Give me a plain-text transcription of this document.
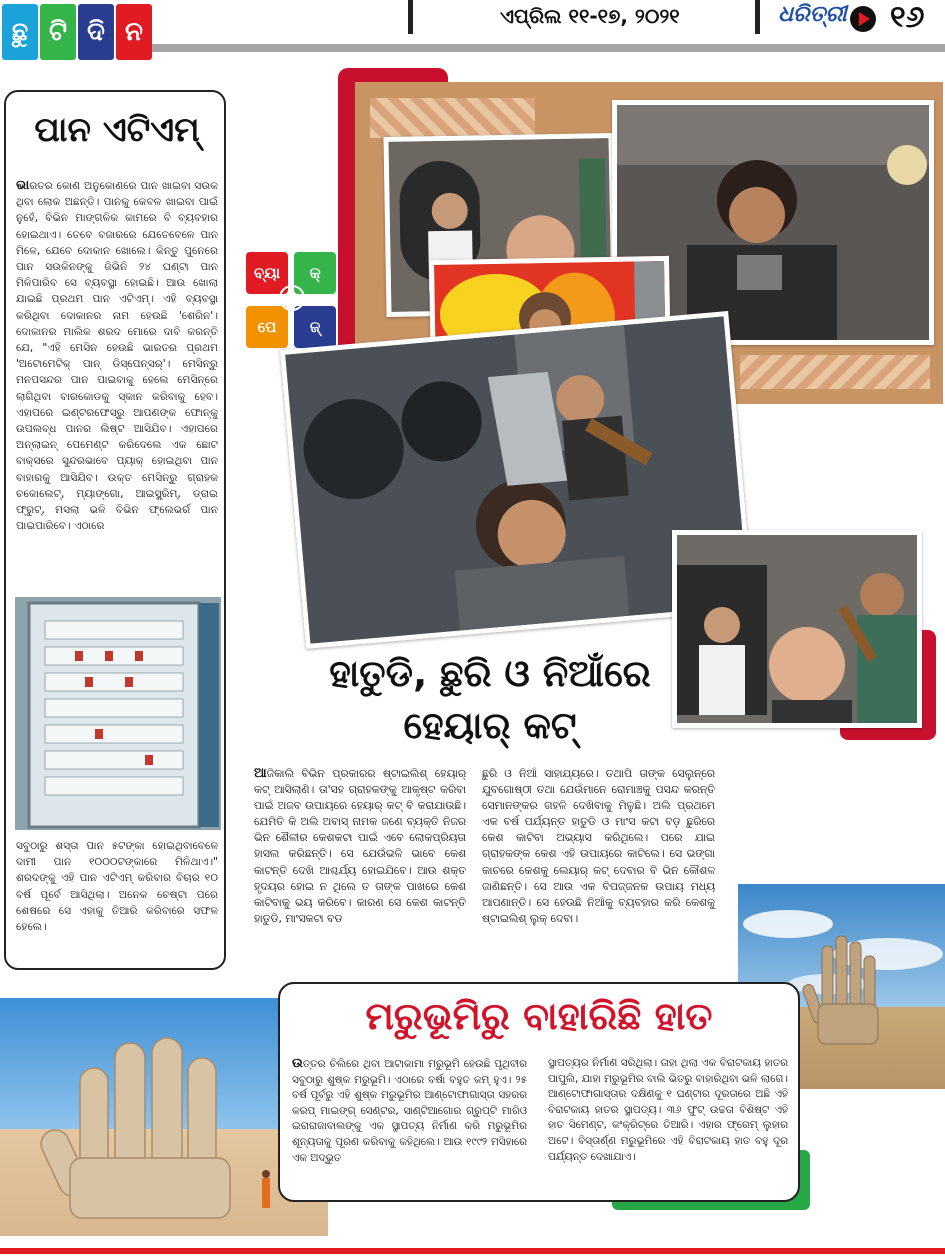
ଛୁ ଟି ଦି ନ
ଏପ୍ରିଲ ୧୧-୧୭, ୨୦୨୧	ଧରିତ୍ରୀ ୧୬
ପାନ ଏଟିଏମ୍
ଭାରତର କୋଣ ଅନୁକୋଣରେ ପାନ ଖାଇବା ସଉକ ଥିବା ଲୋକ ଅଛନ୍ତି। ପାନକୁ କେବଳ ଖାଇବା ପାଇଁ ନୁହେଁ, ବିଭିନ ମାଙ୍ଗଳିକ କାମରେ ବି ବ୍ୟବହାର ହୋଇଥାଏ। ତେବେ ବଜାରରେ ଯେତେବେଳେ ପାନ ମିଳେ, ଯେବେ ଦୋକାନ ଖୋଲେ। କିନ୍ତୁ ପୁନେରେ ପାନ ସଉକିନଙ୍କୁ ଜିଭିନି ୨୪ ଘଣ୍ଟା ପାନ ମିଳିପାରିବ ସେ ବ୍ୟବସ୍ଥା ହୋଇଛି। ଆଉ ଖୋଲା ଯାଇଛି ପ୍ରଥମ ପାନ ଏଟିଏମ୍। ଏହି ବ୍ୟବସ୍ଥା କରିଥିବା ଦୋକାନର ନାମ ହେଉଛି 'ଶେରିନ'। ଦୋକାନର ମାଲିକ ଶରଦ ମୋରେ ଦାବି କରନ୍ତି ଯେ, "ଏହି ମେସିନ ହେଉଛି ଭାରତର ପ୍ରଥମ 'ଅଟୋମେଟିକ୍ ପାନ୍ ଡିସ୍ପେନ୍ସର୍'। ମେସିନ୍ରୁ ମନପସନ୍ଦର ପାନ ପାଇବାକୁ ହେଲେ ମେସିନ୍ରେ ଲାଗିଥିବା ବାରକୋଡକୁ ସ୍କାନ କରିବାକୁ ହେବ। ଏହାପରେ ଇଣ୍ଟରଫେସ୍ରୁ ଆପଣଙ୍କ ଫୋନ୍କୁ ଉପଲବ୍ଧ ପାନର ଲିଷ୍ଟ ଆସିଯିବ। ଏହାପରେ ଅନ୍ଲାଇନ୍ ପେମେଣ୍ଟ କରିଦେଲେ ଏକ ଛୋଟ ବାକ୍ସରେ ସୁନ୍ଦରଭାବେ ପ୍ୟାକ୍ ହୋଇଥିବା ପାନ ବାହାରକୁ ଆସିଯିବ। ଉକ୍ତ ମେସିନ୍ରୁ ଗ୍ରାହକ ଚକୋଲେଟ୍, ମ୍ୟାଙ୍ଗୋ, ଆଇସ୍କ୍ରିମ୍, ଡ୍ରାଇ ଫ୍ରୁଟ୍, ମସଲା ଭଳି ବିଭିନ ଫ୍ଲେଭର୍ର ପାନ ପାଇପାରିବେ। ଏଠାରେ
ସବୁଠାରୁ ଶସ୍ତା ପାନ ୫ଟଙ୍କା ହୋଇଥିବାବେଳେ ଦାମୀ ପାନ ୧୦୦୦ଟଙ୍କାରେ ମିଳିଥାଏ।" ଶରଦଙ୍କୁ ଏହି ପାନ ଏଟିଏମ୍ କରିବାର ବିଚାର ୧୦ ବର୍ଷ ପୂର୍ବେ ଆସିଥିଲା। ଅନେକ ଚେଷ୍ଟା ପରେ ଶେଷରେ ସେ ଏହାକୁ ତିଆରି କରିବାରେ ସଫଳ ହେଲେ।
ବ୍ୟା	କ୍
ପେ	ଜ୍
ହାତୁଡି, ଛୁରି ଓ ନିଆଁରେ
ହେୟାର୍ କଟ୍
ଆଜିକାଲି ବିଭିନ ପ୍ରକାରର ଷ୍ଟାଇଲିଶ୍ ହେୟାର୍ କଟ୍ ଆସିଲାଣି। ତା'ସହ ଗ୍ରାହକଙ୍କୁ ଆକୃଷ୍ଟ କରିବା ପାଇଁ ଅଜବ ଉପାୟରେ ହେୟାର୍ କଟ୍ ବି କରାଯାଉଛି। ଯେମିତି କି ଅଲି ଅବାସ୍ ନାମକ ଜଣେ ବ୍ୟକ୍ତି ନିଜର ଭିନ ଶୈଳୀର କେଶକଟା ପାଇଁ ଏବେ ଲୋକପ୍ରିୟତା ହାସଲ କରିଛନ୍ତି। ସେ ଯେଉଁଭଳି ଭାବେ କେଶ କାଟନ୍ତି ଦେଖି ଆଶ୍ଚର୍ଯ୍ୟ ହୋଇଯିବେ। ଆଉ ଶକ୍ତ ହୃଦୟର ହୋଇ ନ ଥିଲେ ତ ତାଙ୍କ ପାଖରେ କେଶ କାଟିବାକୁ ଭୟ କରିବେ। କାରଣ ସେ କେଶ କାଟନ୍ତି ହାତୁଡି, ମାଂସକଟା ବଡ
ଛୁରି ଓ ନିଆଁ ସାହାଯ୍ୟରେ। ତଥାପି ତାଙ୍କ ସେଲୁନ୍ରେ ଯୁବଗୋଷ୍ଠୀ ତଥା ଯେଉଁମାନେ ରୋମାଞ୍ଚକୁ ପସନ୍ଦ କରନ୍ତି ସେମାନଙ୍କର ଗହଳି ଦେଖିବାକୁ ମିଳୁଛି। ଅଲି ପ୍ରଥମେ ଏକ ବର୍ଷ ପର୍ଯ୍ୟନ୍ତ ହାତୁଡି ଓ ମାଂସ କଟା ବଡ଼ ଛୁରିରେ କେଶ କାଟିବା ଅଭ୍ୟାସ କରିଥିଲେ। ପରେ ଯାଇ ଗ୍ରାହକଙ୍କ କେଶ ଏହି ଉପାୟରେ କାଟିଲେ। ସେ ଭଙ୍ଗା କାଚରେ କେଶକୁ ଲେୟାର୍ କଟ୍ ଦେବାର ବି ଭିନ କୌଶଳ ଜାଣିଛନ୍ତି। ସେ ଆଉ ଏକ ବିପଜ୍ଜନକ ଉପାୟ ମଧ୍ୟ ଆପଣାନ୍ତି। ସେ ହେଉଛି ନିଆଁକୁ ବ୍ୟବହାର କରି କେଶକୁ ଷ୍ଟାଇଲିଶ୍ ଲୁକ୍ ଦେବା।
ମରୁଭୂମିରୁ ବାହାରିଛି ହାତ
ଉତ୍ତର ଚିଲିରେ ଥିବା ଆଟାକାମା ମରୁଭୂମି ହେଉଛି ପୃଥିବୀର ସବୁଠାରୁ ଶୁଷ୍କ ମରୁଭୂମି। ଏଠାରେ ବର୍ଷା ବହୁତ କମ୍ ହୁଏ। ୨୫ ବର୍ଷ ପୂର୍ବରୁ ଏହି ଶୁଷ୍କ ମରୁଭୂମିର ଆଣ୍ଟୋଫାଗାସ୍ତା ସହରର କରପ୍ ମାଇଙ୍ଗ୍ ସେଣ୍ଟର, ସାଣ୍ଟିଆଗୋର ଗ୍ରୁପ୍ଟି ମାରିଓ ଇରାରାଜାବାଲଙ୍କୁ ଏକ ସ୍ଥାପତ୍ୟ ନିର୍ମାଣ କରି ମରୁଭୂମିର ଶୂନ୍ୟତାକୁ ପୂରଣ କରିବାକୁ କହିଥିଲେ। ଆଉ ୧୯୯୨ ମସିହାରେ ଏକ ଅଦ୍ଭୁତ
ସ୍ଥାପତ୍ୟର ନିର୍ମାଣ ସରିଥିଲା। ତାହା ଥିଲା ଏକ ବିରାଟକାୟ ହାତର ପାପୁଲି, ଯାହା ମରୁଭୂମିର ବାଲି ଭିତରୁ ବାହାରିଥିବା ଭଳି ଲାଗେ। ଆଣ୍ଟୋଫାଗାସ୍ତାର ଦକ୍ଷିଣକୁ ୧ ଘଣ୍ଟାର ଦୂରତାରେ ଅଛି ଏହି ବିରାଟକାୟ ହାତର ସ୍ଥାପତ୍ୟ। ୩୬ ଫୁଟ୍ ଉଚ୍ଚତା ବିଶିଷ୍ଟ ଏହି ହାତ ସିମେଣ୍ଟ, କଂକ୍ରିଟ୍ରେ ତିଆରି। ଏହାର ଫ୍ରେମ୍ ଲୁହାର ଅଟେ। ବିସ୍ତାର୍ଣ୍ଣ ମରୁଭୂମିରେ ଏହି ବିରାଟକାୟ ହାତ ବହୁ ଦୂର ପର୍ଯ୍ୟନ୍ତ ଦେଖାଯାଏ।
